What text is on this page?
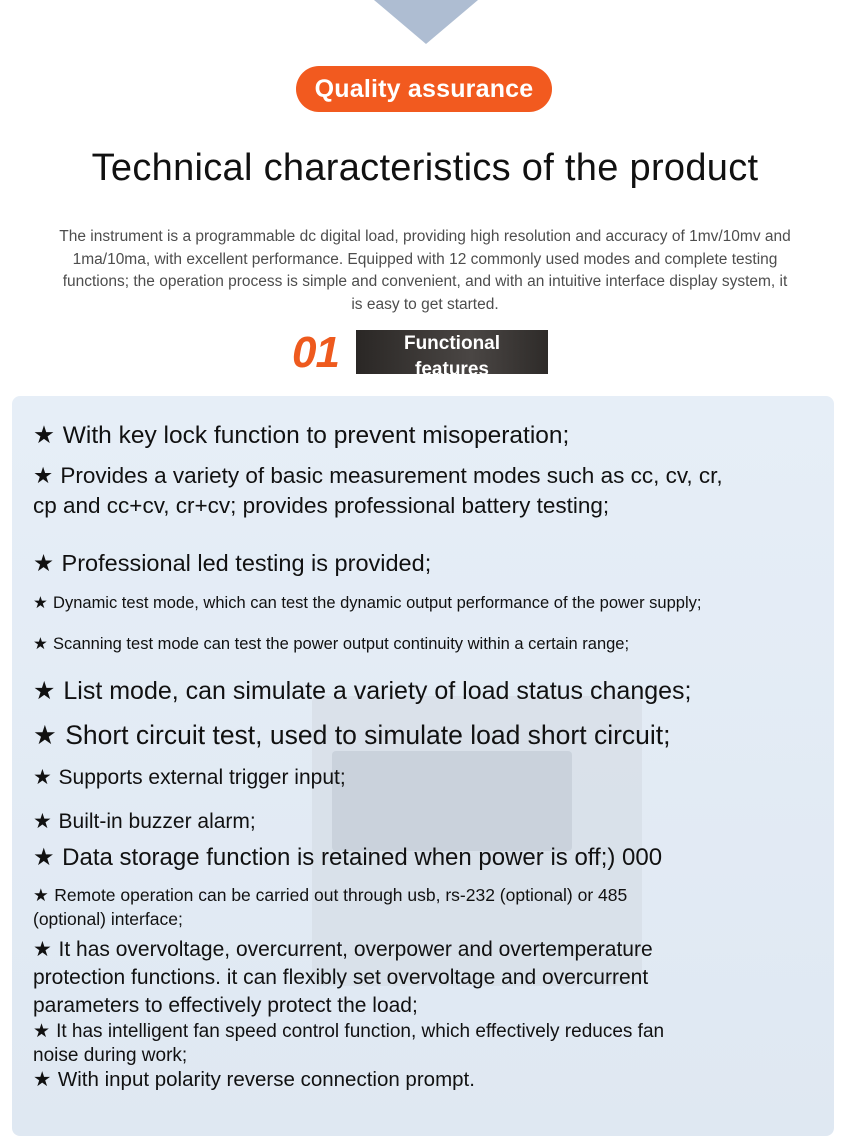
Quality assurance
Technical characteristics of the product
The instrument is a programmable dc digital load, providing high resolution and accuracy of 1mv/10mv and
1ma/10ma, with excellent performance. Equipped with 12 commonly used modes and complete testing
functions; the operation process is simple and convenient, and with an intuitive interface display system, it
is easy to get started.
01	Functional
features
★ With key lock function to prevent misoperation;
★ Provides a variety of basic measurement modes such as cc, cv, cr,
cp and cc+cv, cr+cv; provides professional battery testing;
★ Professional led testing is provided;
★ Dynamic test mode, which can test the dynamic output performance of the power supply;
★ Scanning test mode can test the power output continuity within a certain range;
★ List mode, can simulate a variety of load status changes;
★ Short circuit test, used to simulate load short circuit;
★ Supports external trigger input;
★ Built-in buzzer alarm;
★ Data storage function is retained when power is off;) 000
★ Remote operation can be carried out through usb, rs-232 (optional) or 485
(optional) interface;
★ It has overvoltage, overcurrent, overpower and overtemperature
protection functions. it can flexibly set overvoltage and overcurrent
parameters to effectively protect the load;
★ It has intelligent fan speed control function, which effectively reduces fan
noise during work;
★ With input polarity reverse connection prompt.
